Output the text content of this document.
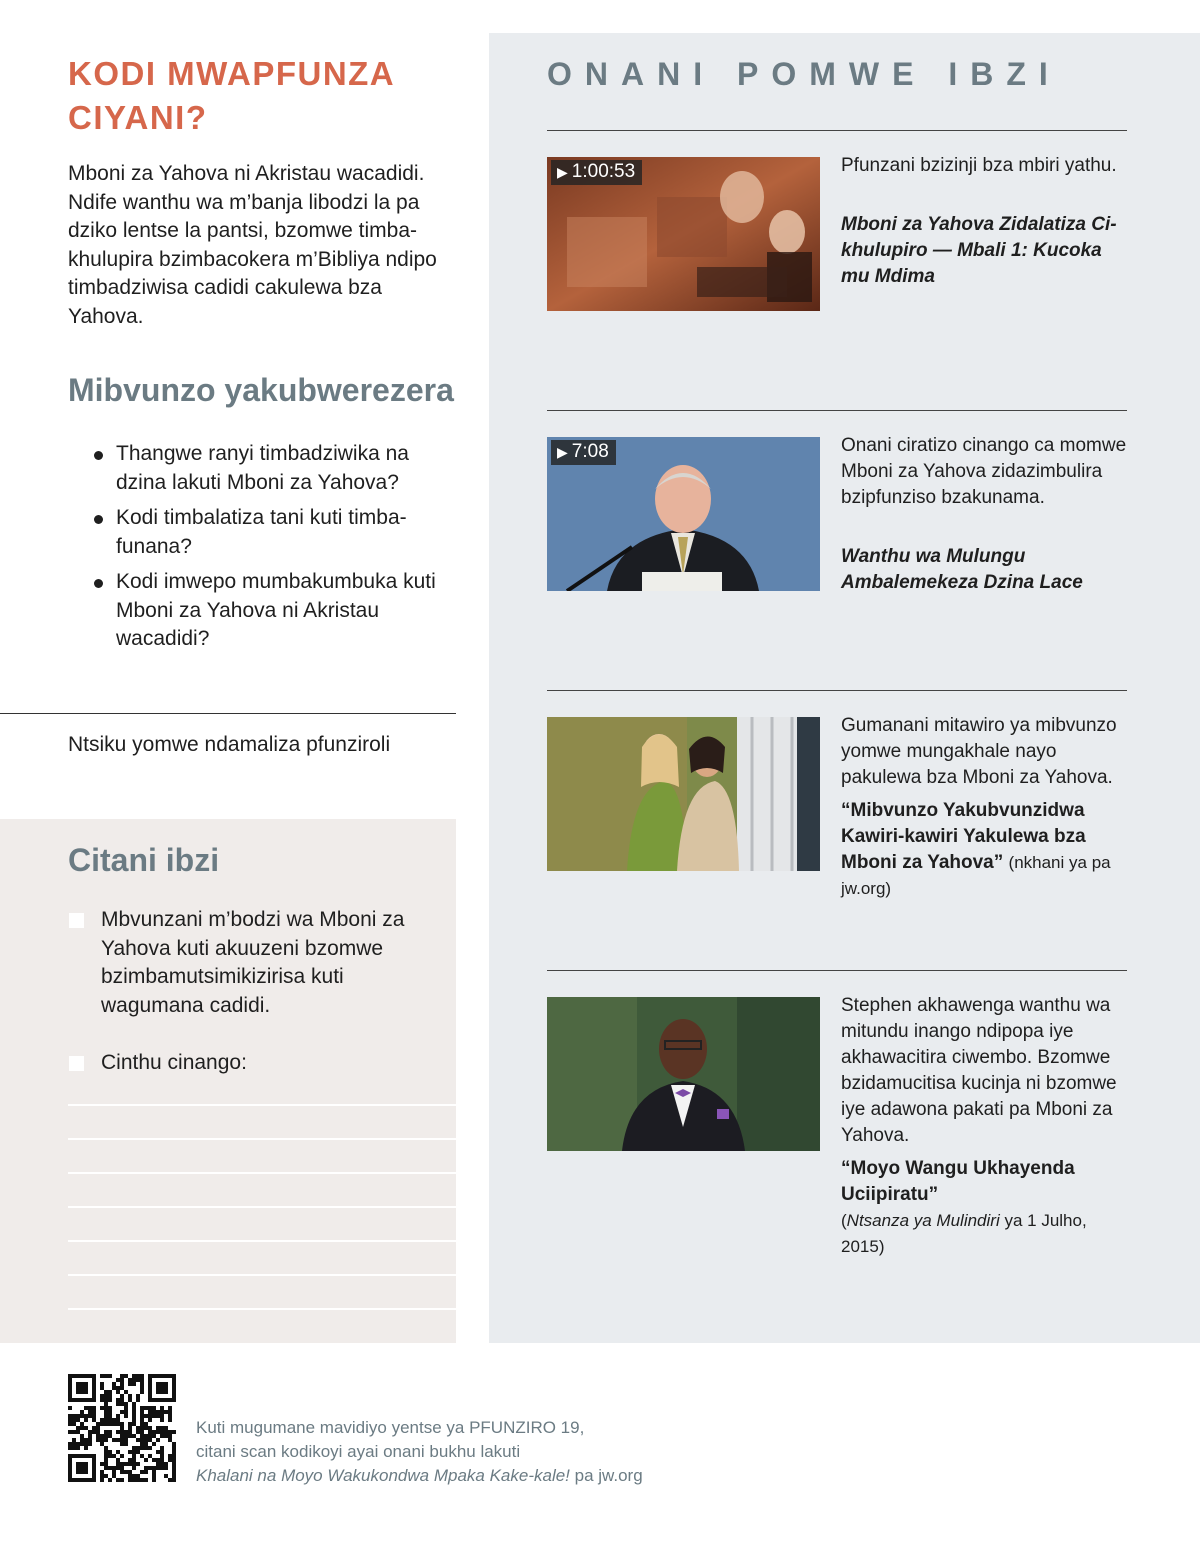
KODI MWAPFUNZA CIYANI?

Mboni za Yahova ni Akristau wacadidi. Ndife wanthu wa m’banja libodzi la pa dziko lentse la pantsi, bzomwe timbakhulupira bzimbacokera m’Bibliya ndipo timbadziwisa cadidi cakulewa bza Yahova.

Mibvunzo yakubwerezera
Thangwe ranyi timbadziwika na dzina lakuti Mboni za Yahova?
Kodi timbalatiza tani kuti timbafunana?
Kodi imwepo mumbakumbuka kuti Mboni za Yahova ni Akristau wacadidi?
Ntsiku yomwe ndamaliza pfunziroli
Citani ibzi

Mbvunzani m’bodzi wa Mboni za Yahova kuti akuuzeni bzomwe bzimbamutsimikizirisa kuti wagumana cadidi.

Cinthu cinango:
ONANI POMWE IBZI
▶ 1:00:53	Pfunzani bzizinji bza mbiri yathu.

Mboni za Yahova Zidalatiza Cikhulupiro — Mbali 1: Kucoka mu Mdima

▶ 7:08	Onani ciratizo cinango ca momwe Mboni za Yahova zidazimbulira bzipfunziso bzakunama.

Wanthu wa Mulungu
Ambalemekeza Dzina Lace

Gumanani mitawiro ya mibvunzo yomwe mungakhale nayo pakulewa bza Mboni za Yahova.

“Mibvunzo Yakubvunzidwa Kawiri-kawiri Yakulewa bza Mboni za Yahova” (nkhani ya pa jw.org)

Stephen akhawenga wanthu wa mitundu inango ndipopa iye akhawacitira ciwembo. Bzomwe bzidamucitisa kucinja ni bzomwe iye adawona pakati pa Mboni za Yahova.

“Moyo Wangu Ukhayenda Uciipiratu”

(Ntsanza ya Mulindiri ya 1 Julho, 2015)

Kuti mugumane mavidiyo yentse ya PFUNZIRO 19,
citani scan kodikoyi ayai onani bukhu lakuti
Khalani na Moyo Wakukondwa Mpaka Kake-kale! pa jw.org
